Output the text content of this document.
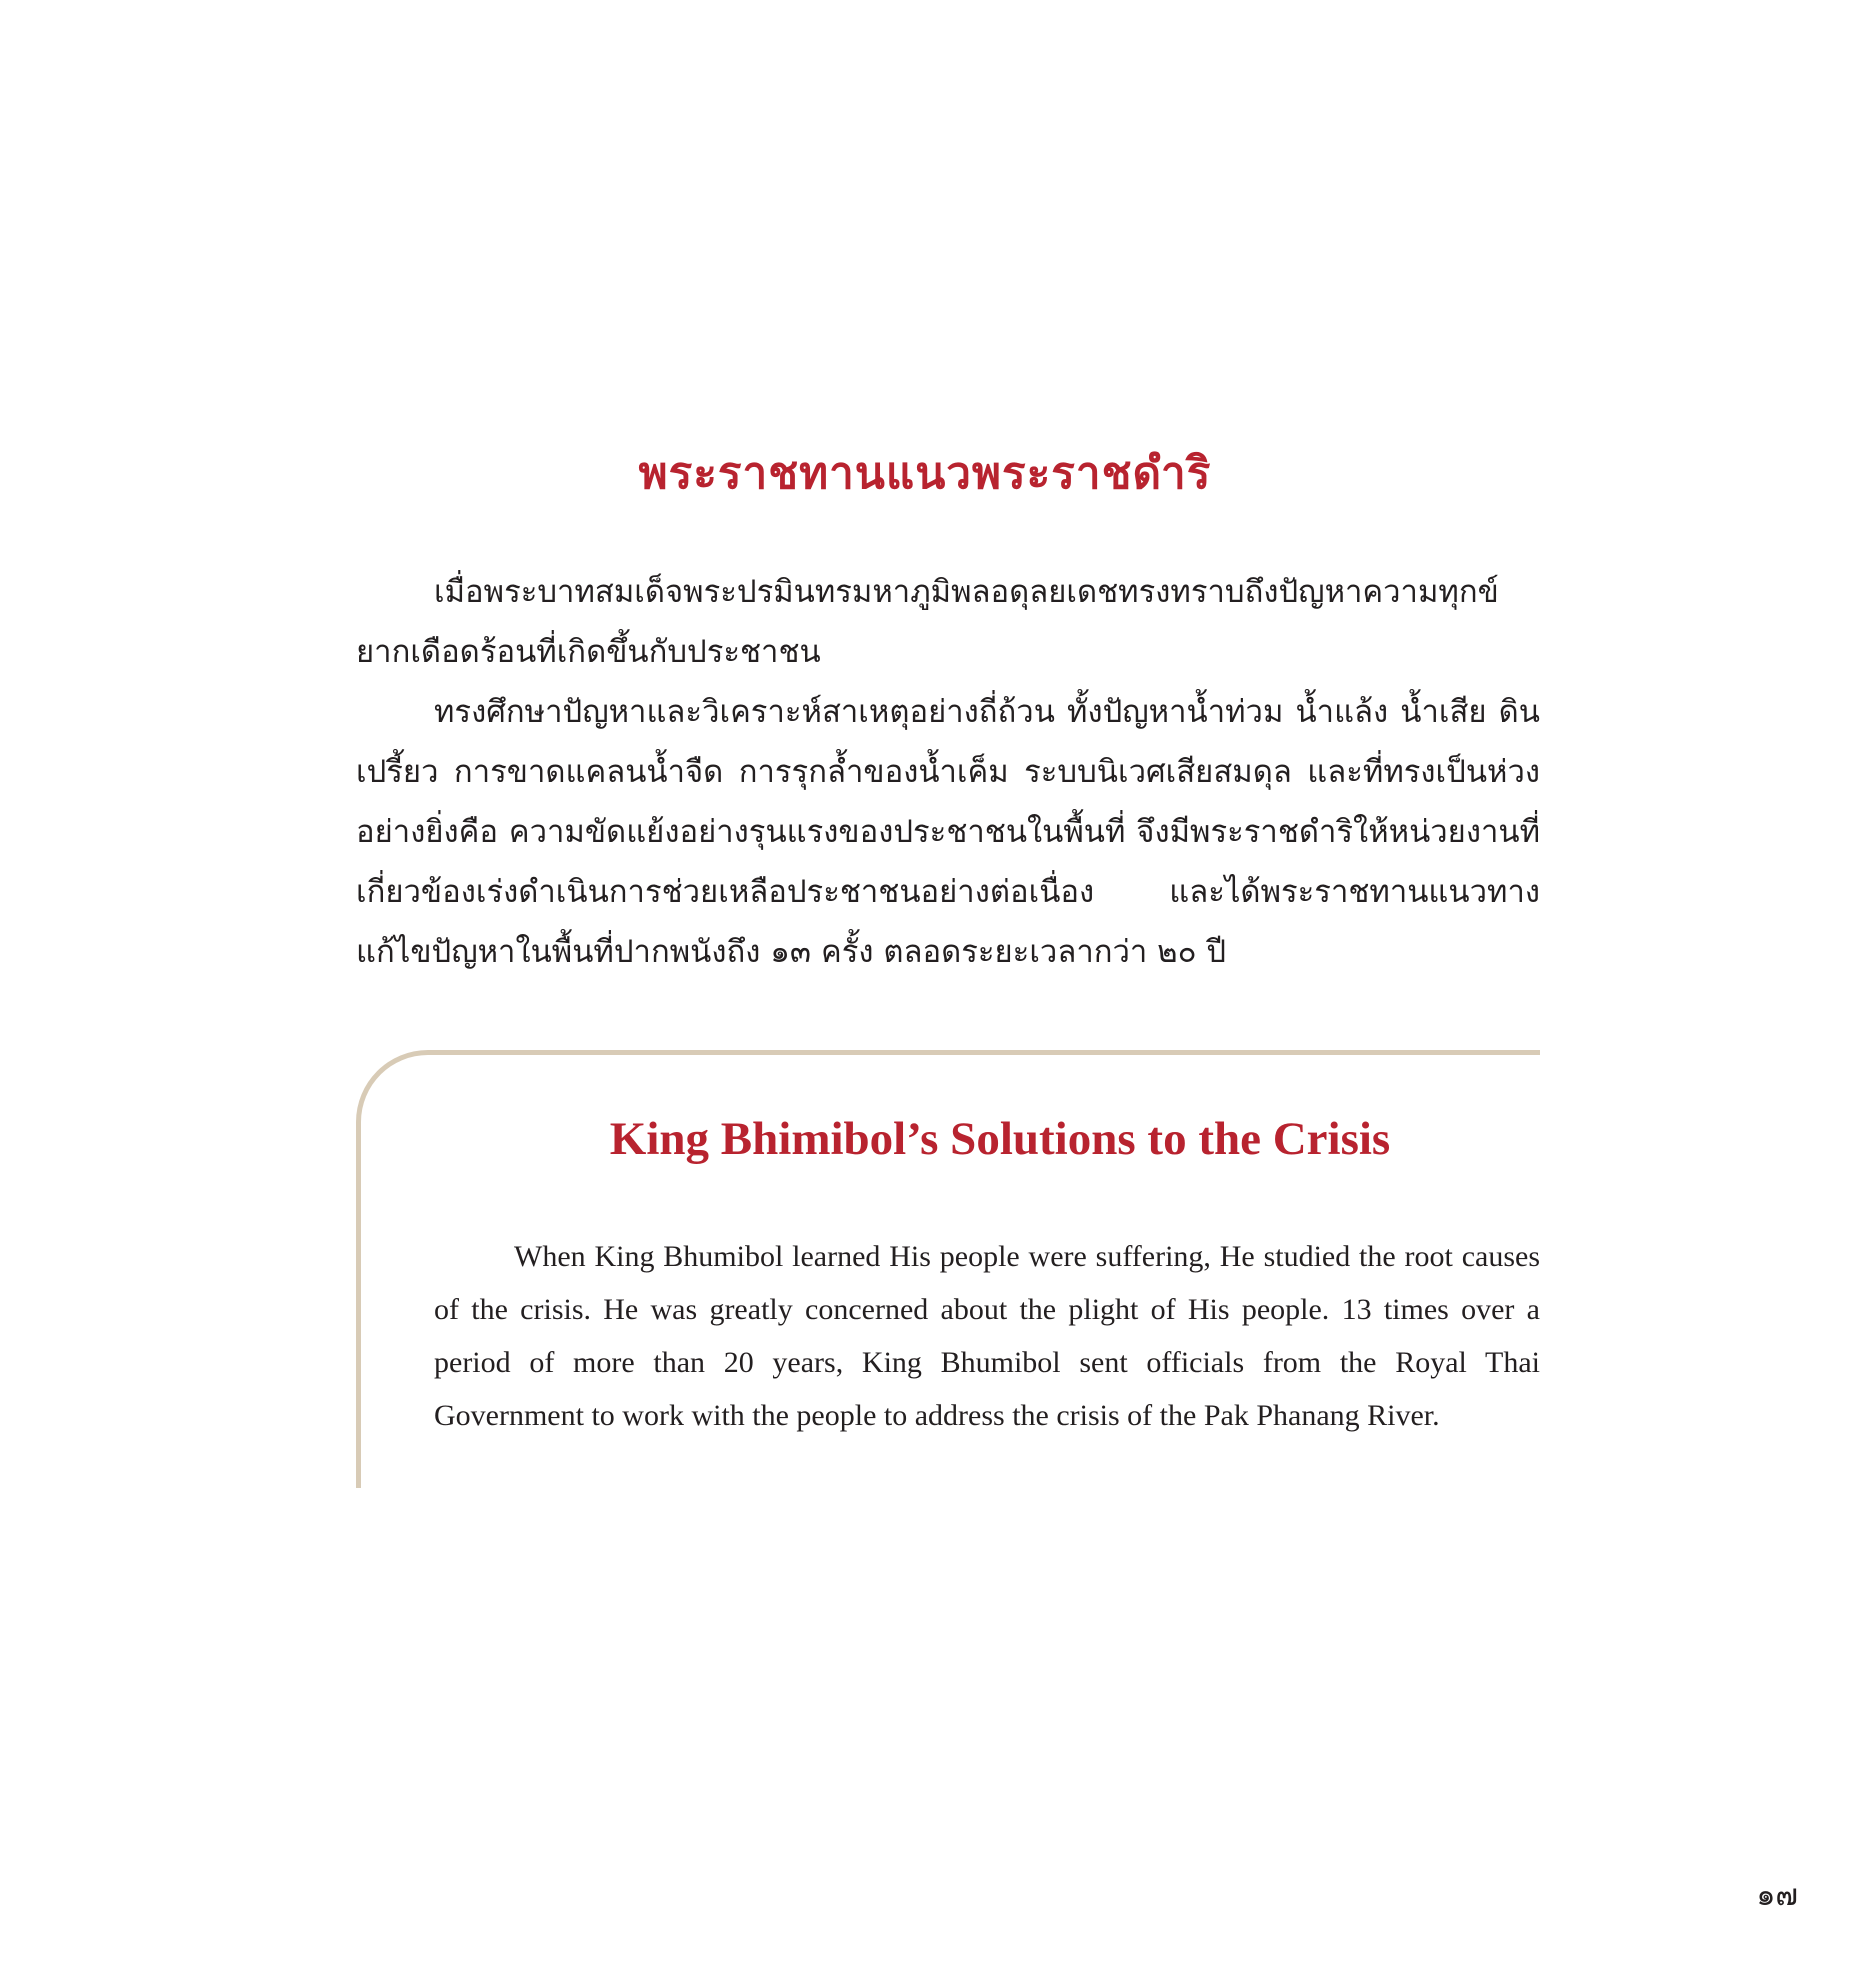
พระราชทานแนวพระราชดำริ

เมื่อพระบาทสมเด็จพระปรมินทรมหาภูมิพลอดุลยเดชทรงทราบถึงปัญหาความทุกข์ยากเดือดร้อนที่เกิดขึ้นกับประชาชน

ทรงศึกษาปัญหาและวิเคราะห์สาเหตุอย่างถี่ถ้วน ทั้งปัญหาน้ำท่วม น้ำแล้ง น้ำเสีย ดินเปรี้ยว การขาดแคลนน้ำจืด การรุกล้ำของน้ำเค็ม ระบบนิเวศเสียสมดุล และที่ทรงเป็นห่วงอย่างยิ่งคือ ความขัดแย้งอย่างรุนแรงของประชาชนในพื้นที่ จึงมีพระราชดำริให้หน่วยงานที่เกี่ยวข้องเร่งดำเนินการช่วยเหลือประชาชนอย่างต่อเนื่อง และได้พระราชทานแนวทางแก้ไขปัญหาในพื้นที่ปากพนังถึง ๑๓ ครั้ง ตลอดระยะเวลากว่า ๒๐ ปี

King Bhimibol’s Solutions to the Crisis

When King Bhumibol learned His people were suffering, He studied the root causes of the crisis. He was greatly concerned about the plight of His people. 13 times over a period of more than 20 years, King Bhumibol sent officials from the Royal Thai Government to work with the people to address the crisis of the Pak Phanang River.

๑๗
